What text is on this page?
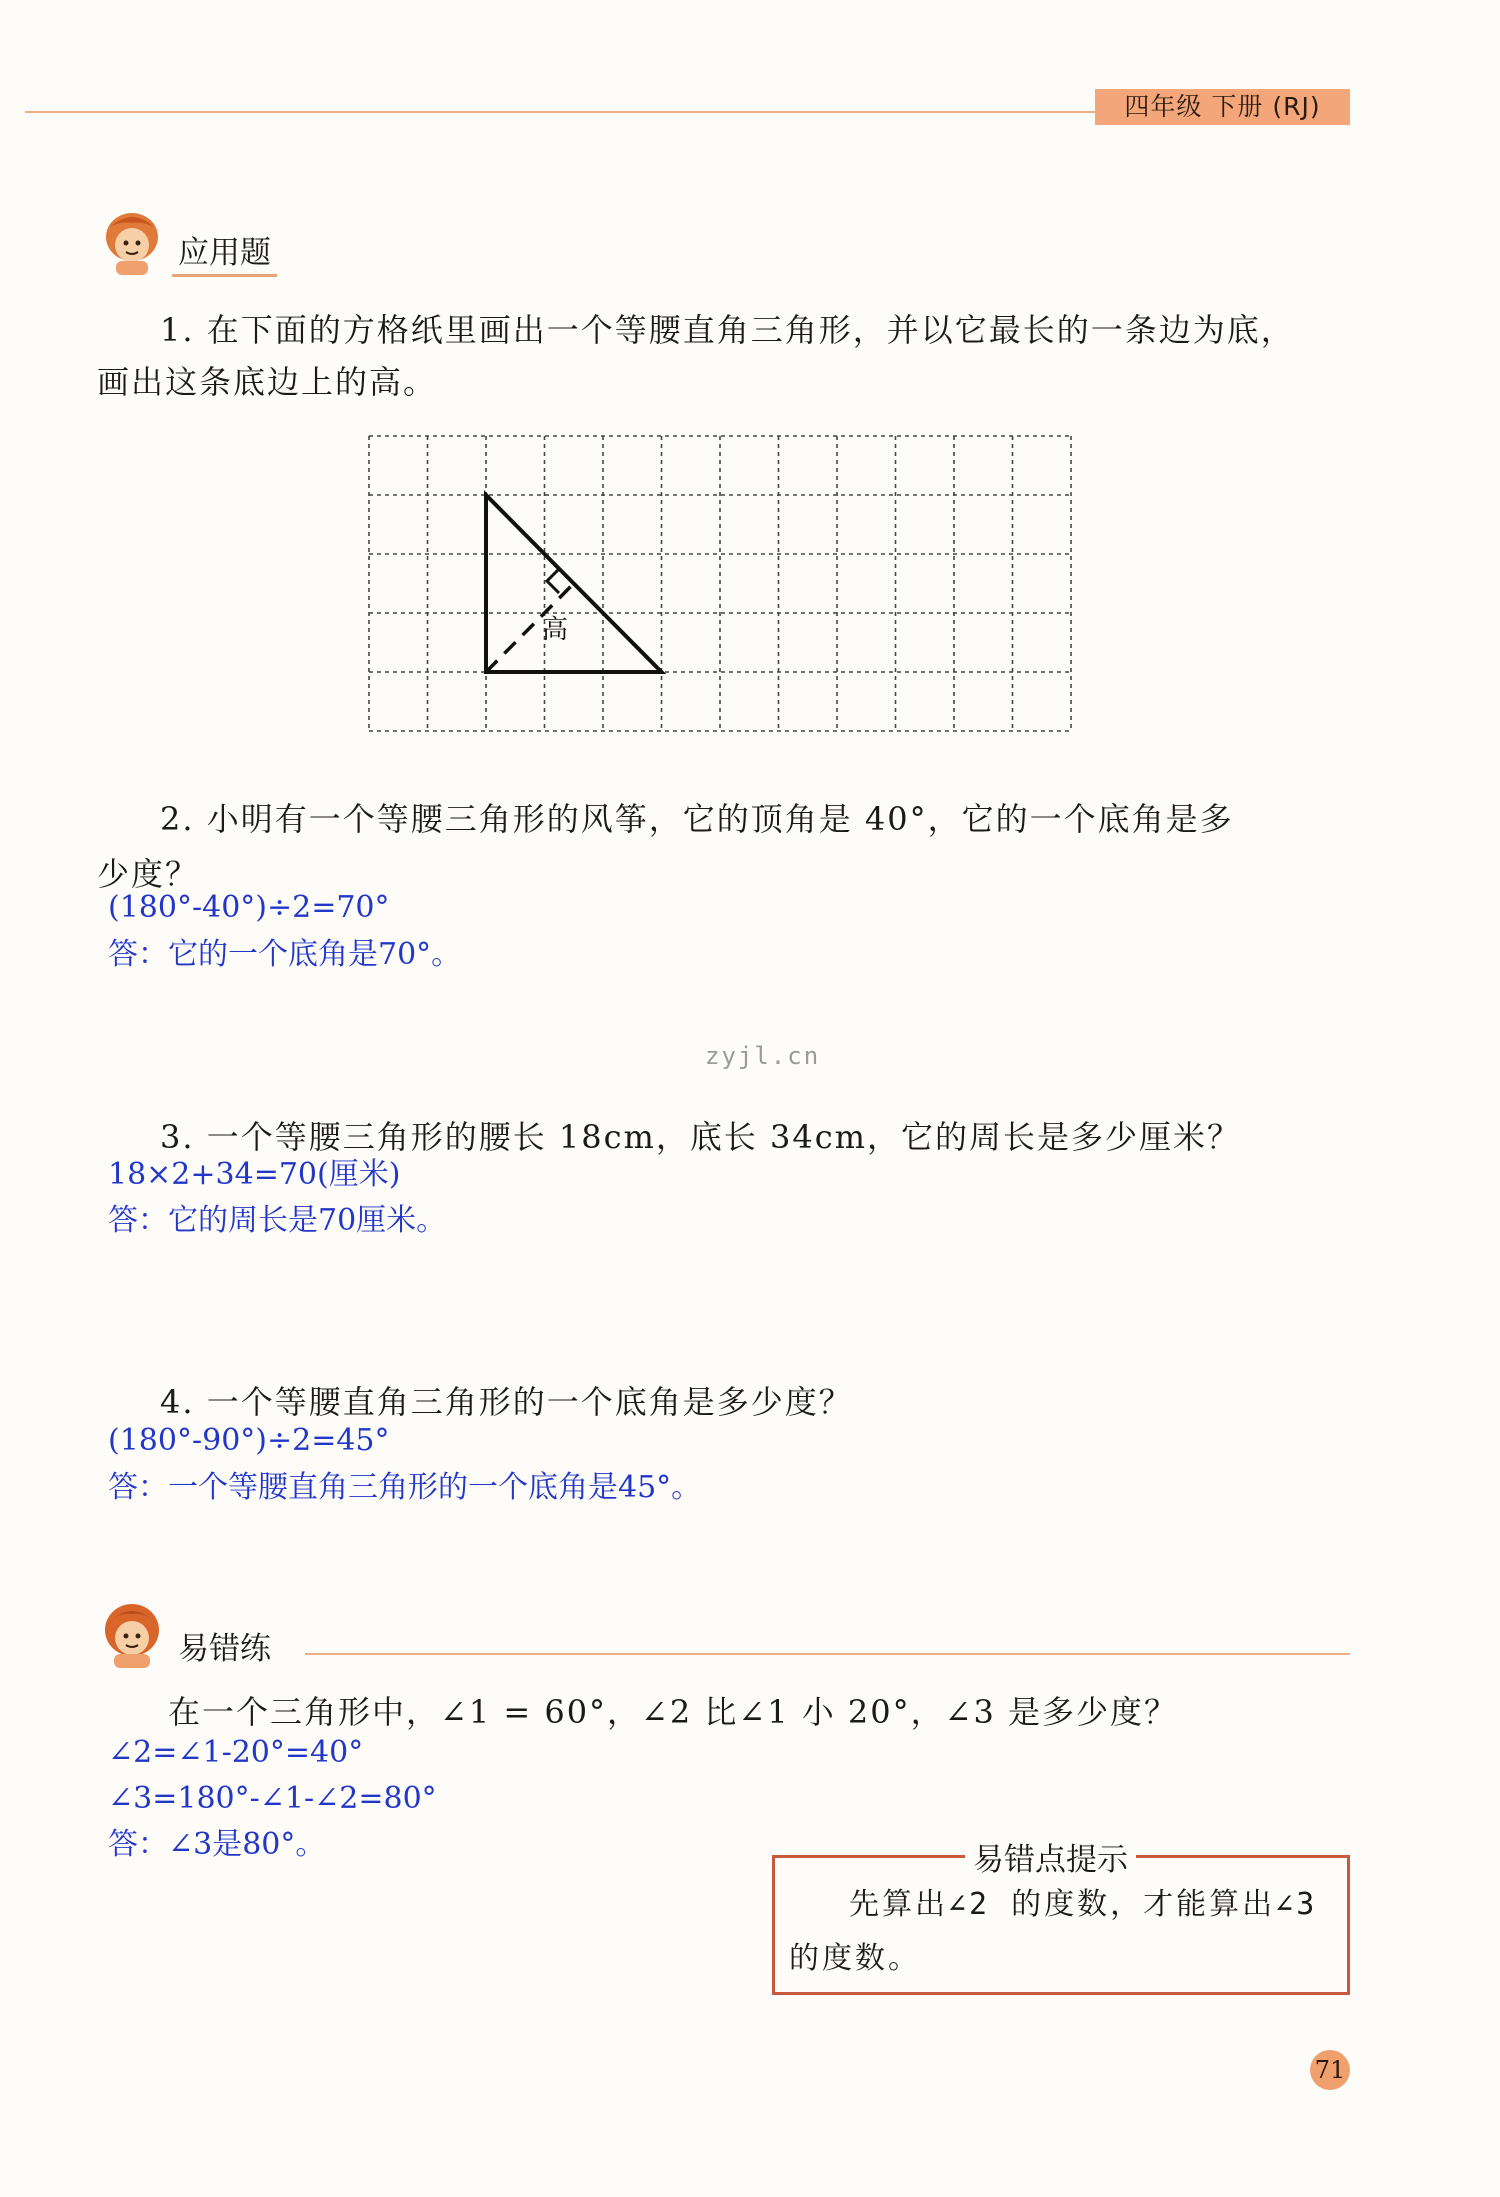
四年级 下册 (RJ)
应用题
1. 在下面的方格纸里画出一个等腰直角三角形，并以它最长的一条边为底，
画出这条底边上的高。
高
2. 小明有一个等腰三角形的风筝，它的顶角是 40°，它的一个底角是多
少度？
(180°-40°)÷2=70°
答：它的一个底角是70°。
zyjl.cn
3. 一个等腰三角形的腰长 18cm，底长 34cm，它的周长是多少厘米？
18×2+34=70(厘米)
答：它的周长是70厘米。
4. 一个等腰直角三角形的一个底角是多少度？
(180°-90°)÷2=45°
答：一个等腰直角三角形的一个底角是45°。
易错练
在一个三角形中，∠1 = 60°，∠2 比∠1 小 20°，∠3 是多少度？
∠2=∠1-20°=40°
∠3=180°-∠1-∠2=80°
答：∠3是80°。	易错点提示
先算出∠2 的度数，才能算出∠3 的度数。
71
